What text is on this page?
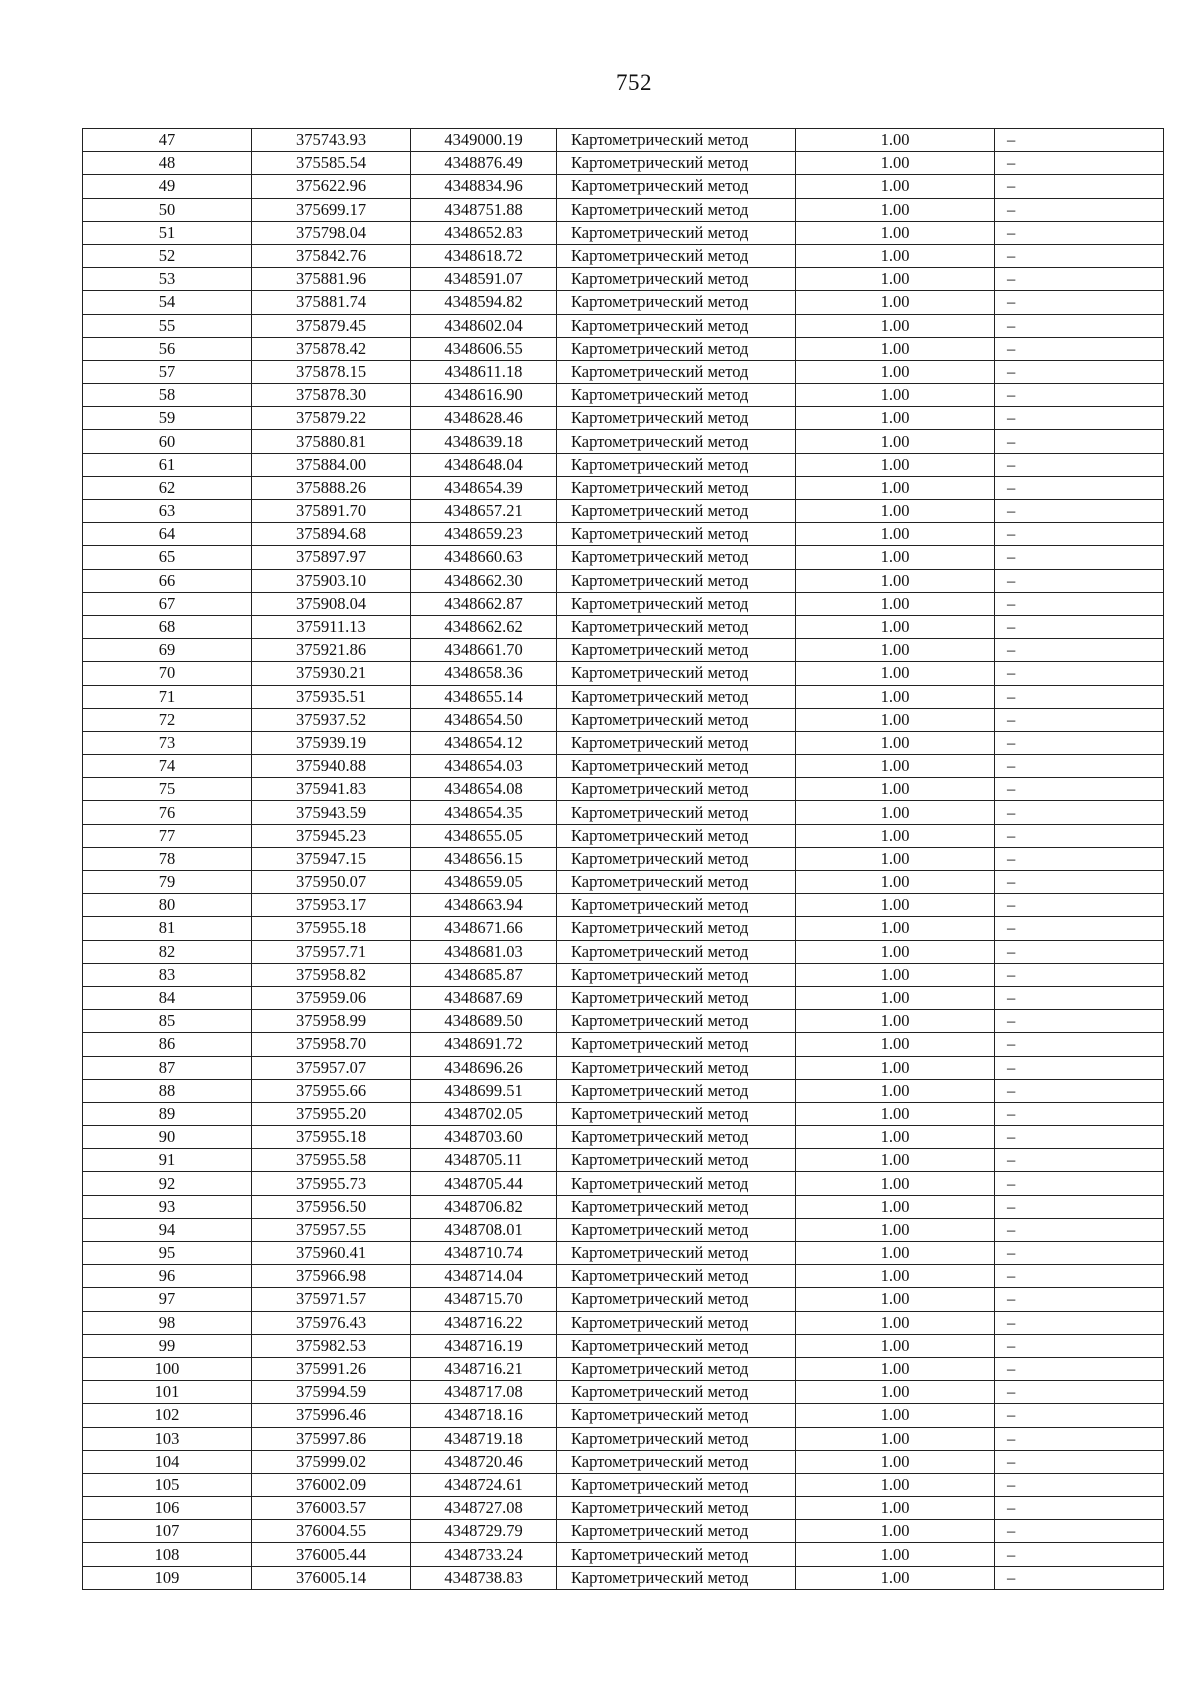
752
47	375743.93	4349000.19	Картометрический метод	1.00	–
48	375585.54	4348876.49	Картометрический метод	1.00	–
49	375622.96	4348834.96	Картометрический метод	1.00	–
50	375699.17	4348751.88	Картометрический метод	1.00	–
51	375798.04	4348652.83	Картометрический метод	1.00	–
52	375842.76	4348618.72	Картометрический метод	1.00	–
53	375881.96	4348591.07	Картометрический метод	1.00	–
54	375881.74	4348594.82	Картометрический метод	1.00	–
55	375879.45	4348602.04	Картометрический метод	1.00	–
56	375878.42	4348606.55	Картометрический метод	1.00	–
57	375878.15	4348611.18	Картометрический метод	1.00	–
58	375878.30	4348616.90	Картометрический метод	1.00	–
59	375879.22	4348628.46	Картометрический метод	1.00	–
60	375880.81	4348639.18	Картометрический метод	1.00	–
61	375884.00	4348648.04	Картометрический метод	1.00	–
62	375888.26	4348654.39	Картометрический метод	1.00	–
63	375891.70	4348657.21	Картометрический метод	1.00	–
64	375894.68	4348659.23	Картометрический метод	1.00	–
65	375897.97	4348660.63	Картометрический метод	1.00	–
66	375903.10	4348662.30	Картометрический метод	1.00	–
67	375908.04	4348662.87	Картометрический метод	1.00	–
68	375911.13	4348662.62	Картометрический метод	1.00	–
69	375921.86	4348661.70	Картометрический метод	1.00	–
70	375930.21	4348658.36	Картометрический метод	1.00	–
71	375935.51	4348655.14	Картометрический метод	1.00	–
72	375937.52	4348654.50	Картометрический метод	1.00	–
73	375939.19	4348654.12	Картометрический метод	1.00	–
74	375940.88	4348654.03	Картометрический метод	1.00	–
75	375941.83	4348654.08	Картометрический метод	1.00	–
76	375943.59	4348654.35	Картометрический метод	1.00	–
77	375945.23	4348655.05	Картометрический метод	1.00	–
78	375947.15	4348656.15	Картометрический метод	1.00	–
79	375950.07	4348659.05	Картометрический метод	1.00	–
80	375953.17	4348663.94	Картометрический метод	1.00	–
81	375955.18	4348671.66	Картометрический метод	1.00	–
82	375957.71	4348681.03	Картометрический метод	1.00	–
83	375958.82	4348685.87	Картометрический метод	1.00	–
84	375959.06	4348687.69	Картометрический метод	1.00	–
85	375958.99	4348689.50	Картометрический метод	1.00	–
86	375958.70	4348691.72	Картометрический метод	1.00	–
87	375957.07	4348696.26	Картометрический метод	1.00	–
88	375955.66	4348699.51	Картометрический метод	1.00	–
89	375955.20	4348702.05	Картометрический метод	1.00	–
90	375955.18	4348703.60	Картометрический метод	1.00	–
91	375955.58	4348705.11	Картометрический метод	1.00	–
92	375955.73	4348705.44	Картометрический метод	1.00	–
93	375956.50	4348706.82	Картометрический метод	1.00	–
94	375957.55	4348708.01	Картометрический метод	1.00	–
95	375960.41	4348710.74	Картометрический метод	1.00	–
96	375966.98	4348714.04	Картометрический метод	1.00	–
97	375971.57	4348715.70	Картометрический метод	1.00	–
98	375976.43	4348716.22	Картометрический метод	1.00	–
99	375982.53	4348716.19	Картометрический метод	1.00	–
100	375991.26	4348716.21	Картометрический метод	1.00	–
101	375994.59	4348717.08	Картометрический метод	1.00	–
102	375996.46	4348718.16	Картометрический метод	1.00	–
103	375997.86	4348719.18	Картометрический метод	1.00	–
104	375999.02	4348720.46	Картометрический метод	1.00	–
105	376002.09	4348724.61	Картометрический метод	1.00	–
106	376003.57	4348727.08	Картометрический метод	1.00	–
107	376004.55	4348729.79	Картометрический метод	1.00	–
108	376005.44	4348733.24	Картометрический метод	1.00	–
109	376005.14	4348738.83	Картометрический метод	1.00	–
